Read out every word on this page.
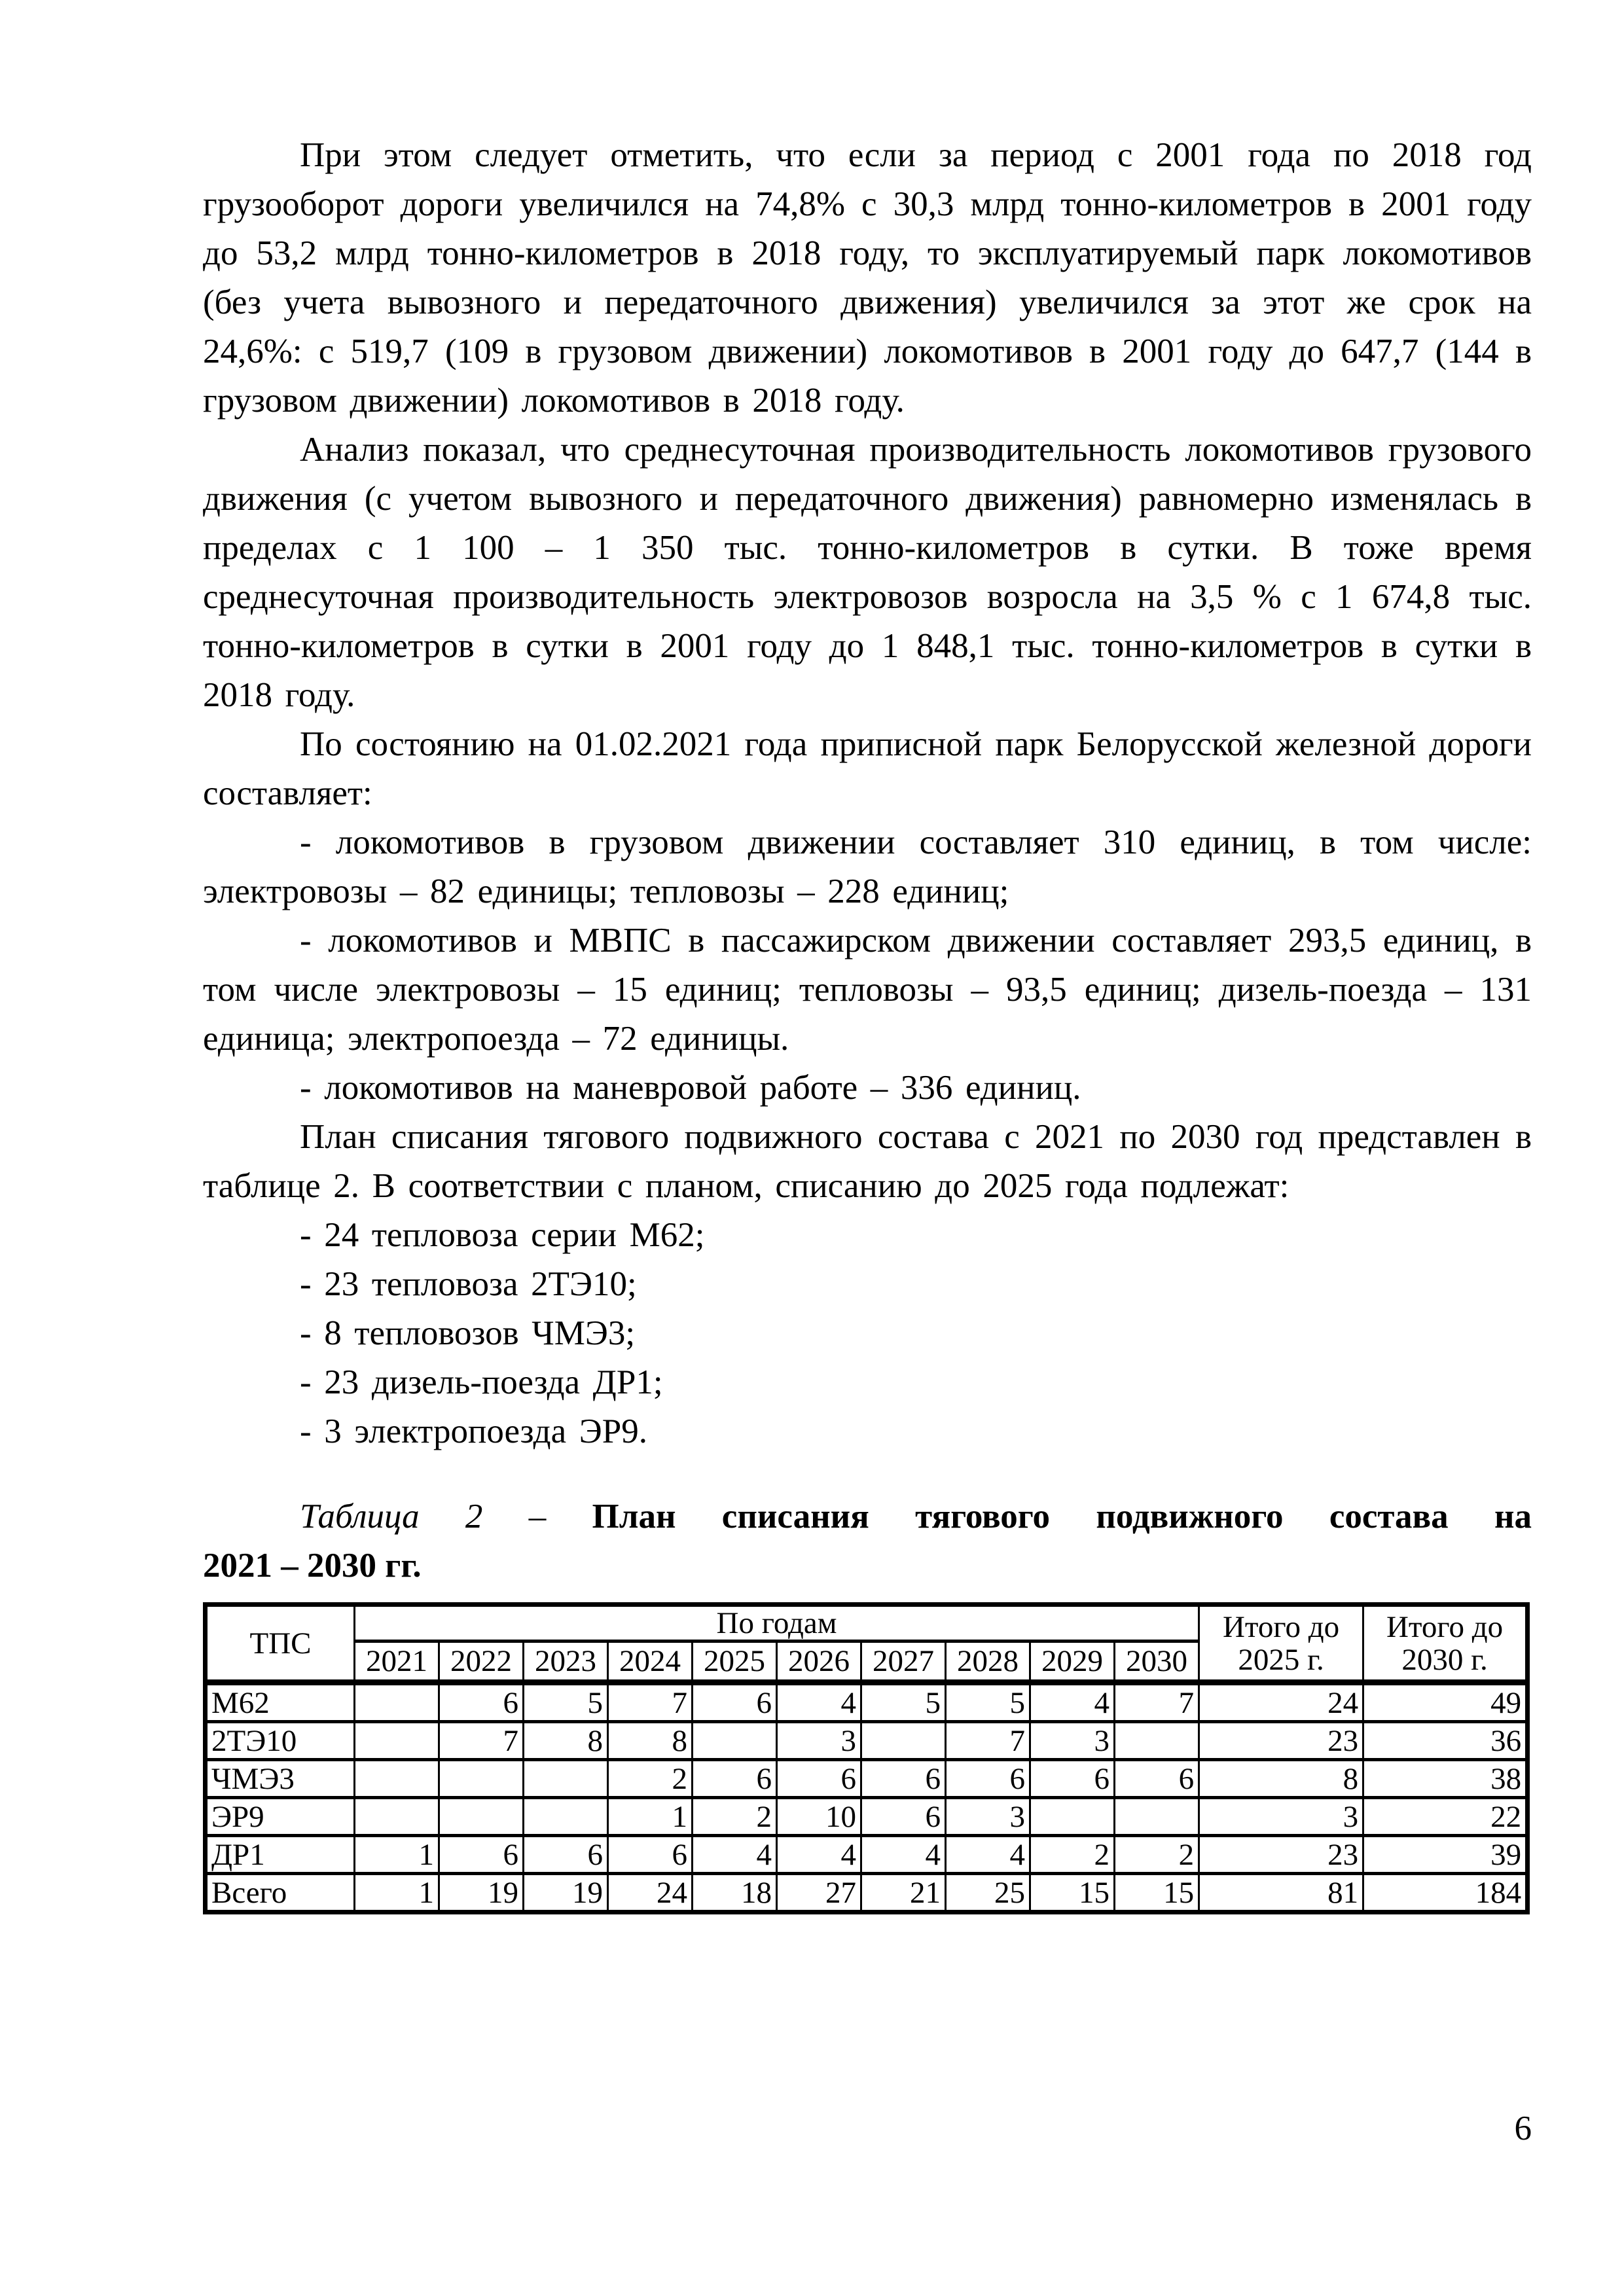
При этом следует отметить, что если за период с 2001 года по 2018 год грузооборот дороги увеличился на 74,8% с 30,3 млрд тонно-километров в 2001 году до 53,2 млрд тонно-километров в 2018 году, то эксплуатируемый парк локомотивов (без учета вывозного и передаточного движения) увеличился за этот же срок на 24,6%: с 519,7 (109 в грузовом движении) локомотивов в 2001 году до 647,7 (144 в грузовом движении) локомотивов в 2018 году.

Анализ показал, что среднесуточная производительность локомотивов грузового движения (с учетом вывозного и передаточного движения) равномерно изменялась в пределах с 1 100 – 1 350 тыс. тонно-километров в сутки. В тоже время среднесуточная производительность электровозов возросла на 3,5 % с 1 674,8 тыс. тонно-километров в сутки в 2001 году до 1 848,1 тыс. тонно-километров в сутки в 2018 году.

По состоянию на 01.02.2021 года приписной парк Белорусской железной дороги составляет:

- локомотивов в грузовом движении составляет 310 единиц, в том числе: электровозы – 82 единицы; тепловозы – 228 единиц;

- локомотивов и МВПС в пассажирском движении составляет 293,5 единиц, в том числе электровозы – 15 единиц; тепловозы – 93,5 единиц; дизель-поезда – 131 единица; электропоезда – 72 единицы.

- локомотивов на маневровой работе – 336 единиц.

План списания тягового подвижного состава с 2021 по 2030 год представлен в таблице 2. В соответствии с планом, списанию до 2025 года подлежат:

- 24 тепловоза серии М62;

- 23 тепловоза 2ТЭ10;

- 8 тепловозов ЧМЭ3;

- 23 дизель-поезда ДР1;

- 3 электропоезда ЭР9.

Таблица 2 – План списания тягового подвижного состава на

2021 – 2030 гг.

ТПС	По годам										Итого до 2025 г.	Итого до 2030 г.
	2021	2022	2023	2024	2025	2026	2027	2028	2029	2030		
М62		6	5	7	6	4	5	5	4	7	24	49
2ТЭ10		7	8	8		3		7	3		23	36
ЧМЭ3				2	6	6	6	6	6	6	8	38
ЭР9				1	2	10	6	3			3	22
ДР1	1	6	6	6	4	4	4	4	2	2	23	39
Всего	1	19	19	24	18	27	21	25	15	15	81	184
6
